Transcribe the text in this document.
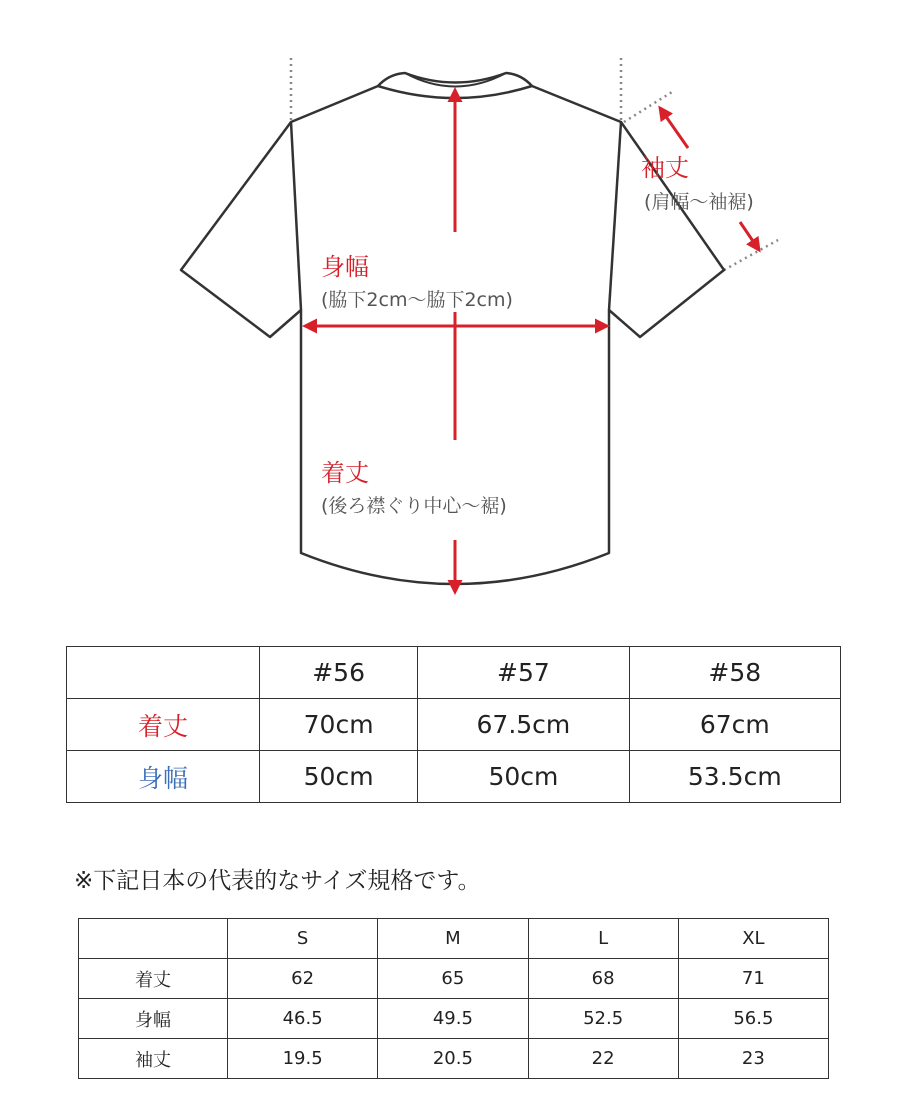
袖丈
(肩幅～袖裾)
身幅
(脇下2cm～脇下2cm)
着丈
(後ろ襟ぐり中心～裾)
	#56	#57	#58
着丈	70cm	67.5cm	67cm
身幅	50cm	50cm	53.5cm
※下記日本の代表的なサイズ規格です。
	S	M	L	XL
着丈	62	65	68	71
身幅	46.5	49.5	52.5	56.5
袖丈	19.5	20.5	22	23
